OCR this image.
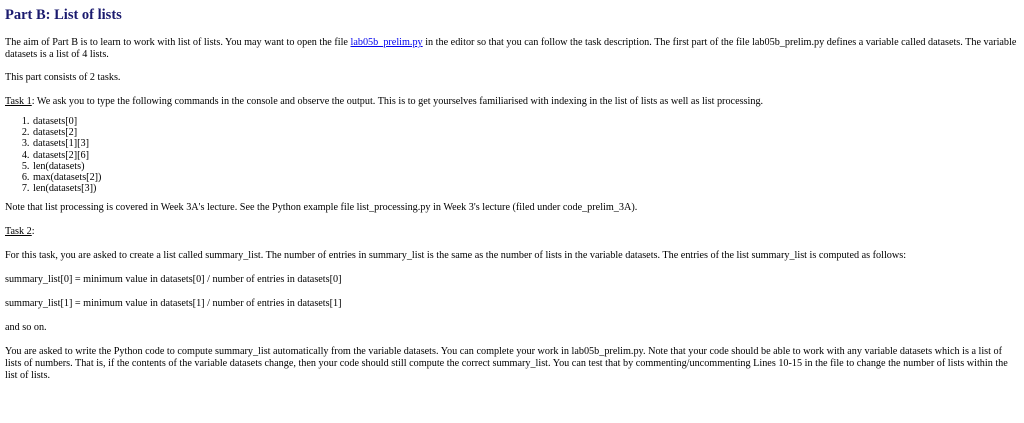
Part B: List of lists

The aim of Part B is to learn to work with list of lists. You may want to open the file lab05b_prelim.py in the editor so that you can follow the task description. The first part of the file lab05b_prelim.py defines a variable called datasets. The variable datasets is a list of 4 lists.

This part consists of 2 tasks.

Task 1: We ask you to type the following commands in the console and observe the output. This is to get yourselves familiarised with indexing in the list of lists as well as list processing.

1. datasets[0]
2. datasets[2]
3. datasets[1][3]
4. datasets[2][6]
5. len(datasets)
6. max(datasets[2])
7. len(datasets[3])

Note that list processing is covered in Week 3A's lecture. See the Python example file list_processing.py in Week 3's lecture (filed under code_prelim_3A).

Task 2:

For this task, you are asked to create a list called summary_list. The number of entries in summary_list is the same as the number of lists in the variable datasets. The entries of the list summary_list is computed as follows:

summary_list[0] = minimum value in datasets[0] / number of entries in datasets[0]

summary_list[1] = minimum value in datasets[1] / number of entries in datasets[1]

and so on.

You are asked to write the Python code to compute summary_list automatically from the variable datasets. You can complete your work in lab05b_prelim.py. Note that your code should be able to work with any variable datasets which is a list of lists of numbers. That is, if the contents of the variable datasets change, then your code should still compute the correct summary_list. You can test that by commenting/uncommenting Lines 10-15 in the file to change the number of lists within the list of lists.
